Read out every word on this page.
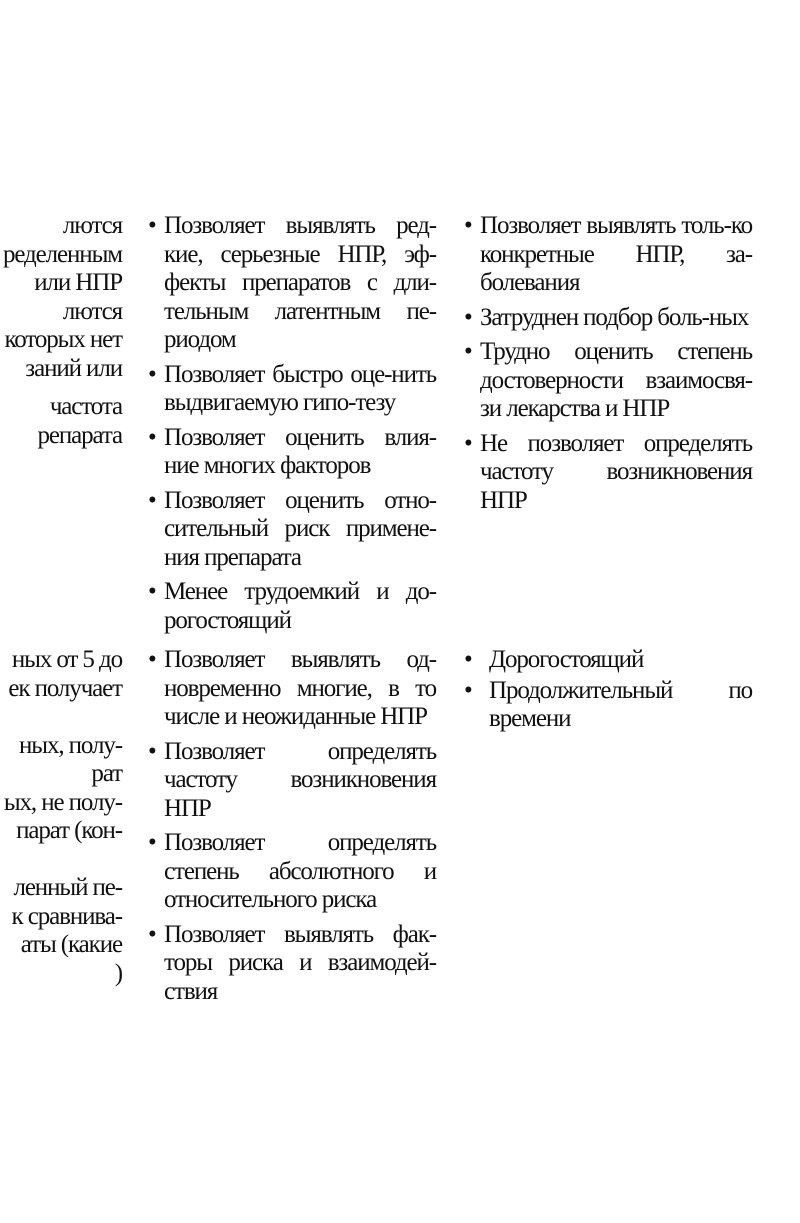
лются
ределенным
или НПР
лются
которых нет
заний или
частота
репарата
ных от 5 до
ек получает
ных, полу-
рат
ых, не полу-
парат (кон-
ленный пе-
к сравнива-
аты (какие
)
• Позволяет выявлять ред-кие, серьезные НПР, эф-фекты препаратов с дли-тельным латентным пе-риодом
• Позволяет быстро оце-нить выдвигаемую гипо-тезу
• Позволяет оценить влия-ние многих факторов
• Позволяет оценить отно-сительный риск примене-ния препарата
• Менее трудоемкий и до-рогостоящий
• Позволяет выявлять од-новременно многие, в то числе и неожиданные НПР
• Позволяет определять частоту возникновения НПР
• Позволяет определять степень абсолютного и относительного риска
• Позволяет выявлять фак-торы риска и взаимодей-ствия
• Позволяет выявлять толь-ко конкретные НПР, за-болевания
• Затруднен подбор боль-ных
• Трудно оценить степень достоверности взаимосвя-зи лекарства и НПР
• Не позволяет определять частоту возникновения НПР
• Дорогостоящий
• Продолжительный по времени
